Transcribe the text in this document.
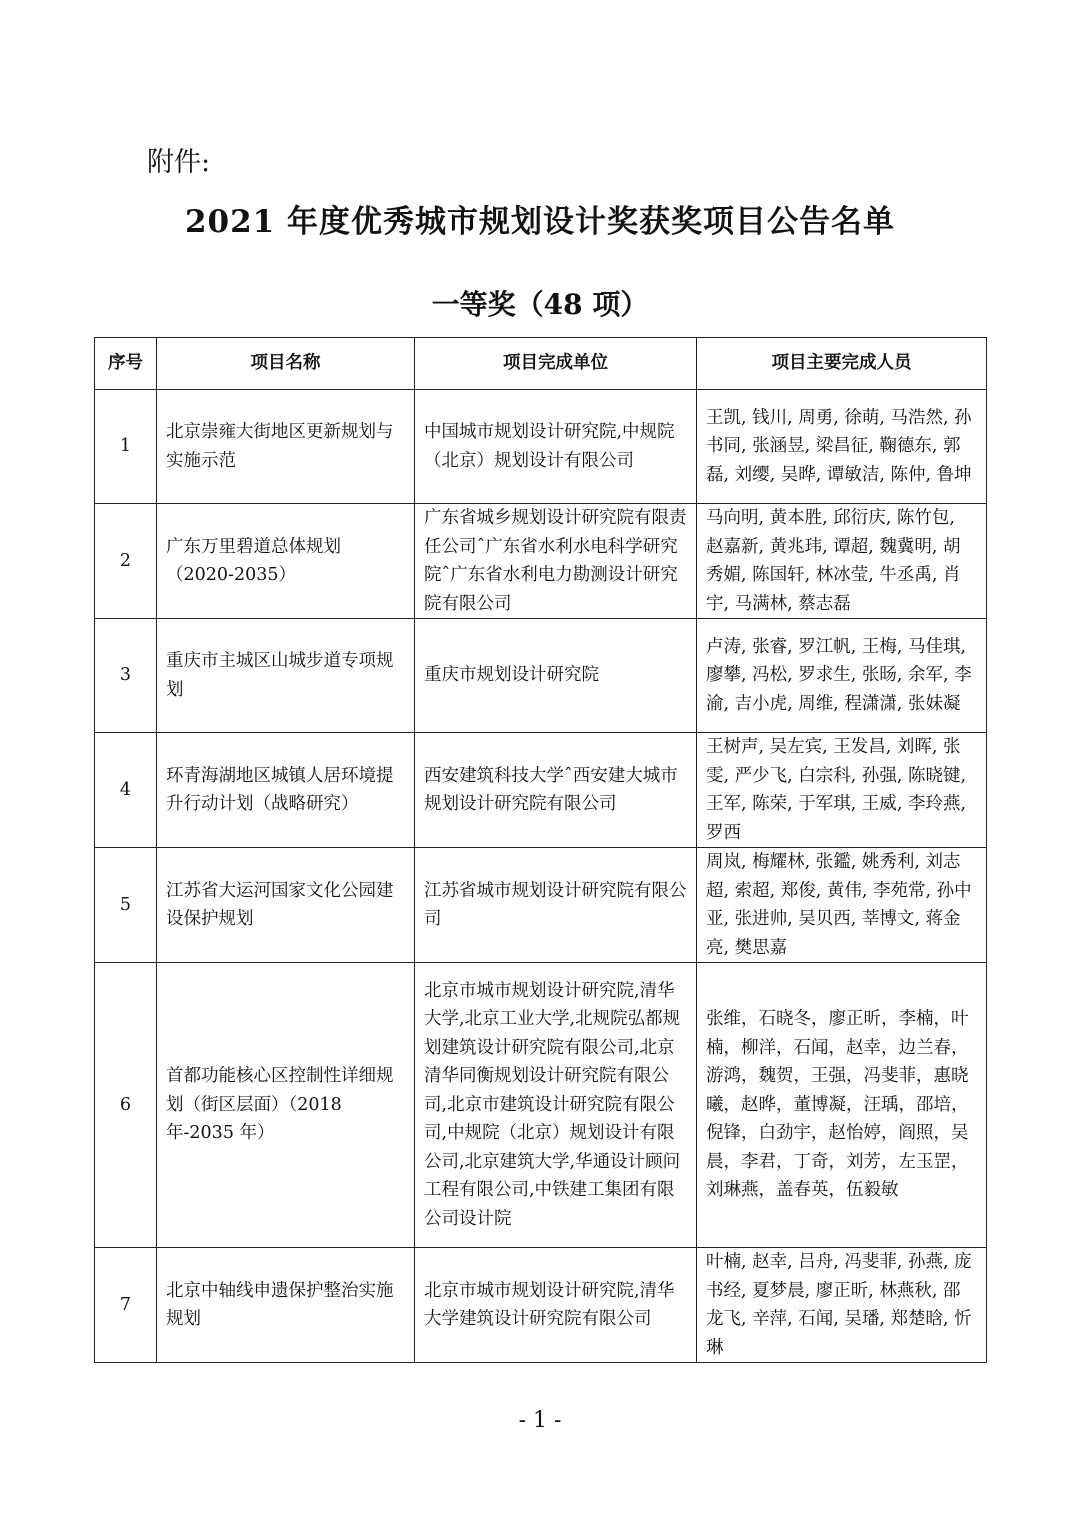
附件:
2021 年度优秀城市规划设计奖获奖项目公告名单
一等奖（48 项）
序号	项目名称	项目完成单位	项目主要完成人员
1	北京崇雍大街地区更新规划与实施示范	中国城市规划设计研究院,中规院（北京）规划设计有限公司	王凯, 钱川, 周勇, 徐萌, 马浩然, 孙书同, 张涵昱, 梁昌征, 鞠德东, 郭磊, 刘缨, 吴晔, 谭敏洁, 陈仲, 鲁坤
2	广东万里碧道总体规划（2020-2035）	广东省城乡规划设计研究院有限责任公司ˆ广东省水利水电科学研究院ˆ广东省水利电力勘测设计研究院有限公司	马向明, 黄本胜, 邱衍庆, 陈竹包, 赵嘉新, 黄兆玮, 谭超, 魏冀明, 胡秀媚, 陈国轩, 林冰莹, 牛丞禹, 肖宇, 马满林, 蔡志磊
3	重庆市主城区山城步道专项规划	重庆市规划设计研究院	卢涛, 张睿, 罗江帆, 王梅, 马佳琪, 廖攀, 冯松, 罗求生, 张旸, 余军, 李渝, 吉小虎, 周维, 程潇潇, 张妹凝
4	环青海湖地区城镇人居环境提升行动计划（战略研究）	西安建筑科技大学ˆ西安建大城市规划设计研究院有限公司	王树声, 吴左宾, 王发昌, 刘晖, 张雯, 严少飞, 白宗科, 孙强, 陈晓键, 王军, 陈荣, 于军琪, 王威, 李玲燕, 罗西
5	江苏省大运河国家文化公园建设保护规划	江苏省城市规划设计研究院有限公司	周岚, 梅耀林, 张鑑, 姚秀利, 刘志超, 索超, 郑俊, 黄伟, 李苑常, 孙中亚, 张进帅, 吴贝西, 莘博文, 蒋金亮, 樊思嘉
6	首都功能核心区控制性详细规划（街区层面）（2018 年-2035 年）	北京市城市规划设计研究院,清华大学,北京工业大学,北规院弘都规划建筑设计研究院有限公司,北京清华同衡规划设计研究院有限公司,北京市建筑设计研究院有限公司,中规院（北京）规划设计有限公司,北京建筑大学,华通设计顾问工程有限公司,中铁建工集团有限公司设计院	张维，石晓冬，廖正昕，李楠，叶楠，柳洋，石闻，赵幸，边兰春，游鸿，魏贺，王强，冯斐菲，惠晓曦，赵晔，董博凝，汪瑀，邵培，倪锋，白劲宇，赵怡婷，阎照，吴晨，李君，丁奇，刘芳，左玉罡，刘琳燕，盖春英，伍毅敏
7	北京中轴线申遗保护整治实施规划	北京市城市规划设计研究院,清华大学建筑设计研究院有限公司	叶楠, 赵幸, 吕舟, 冯斐菲, 孙燕, 庞书经, 夏梦晨, 廖正昕, 林燕秋, 邵龙飞, 辛萍, 石闻, 吴璠, 郑楚晗, 忻琳
- 1 -
